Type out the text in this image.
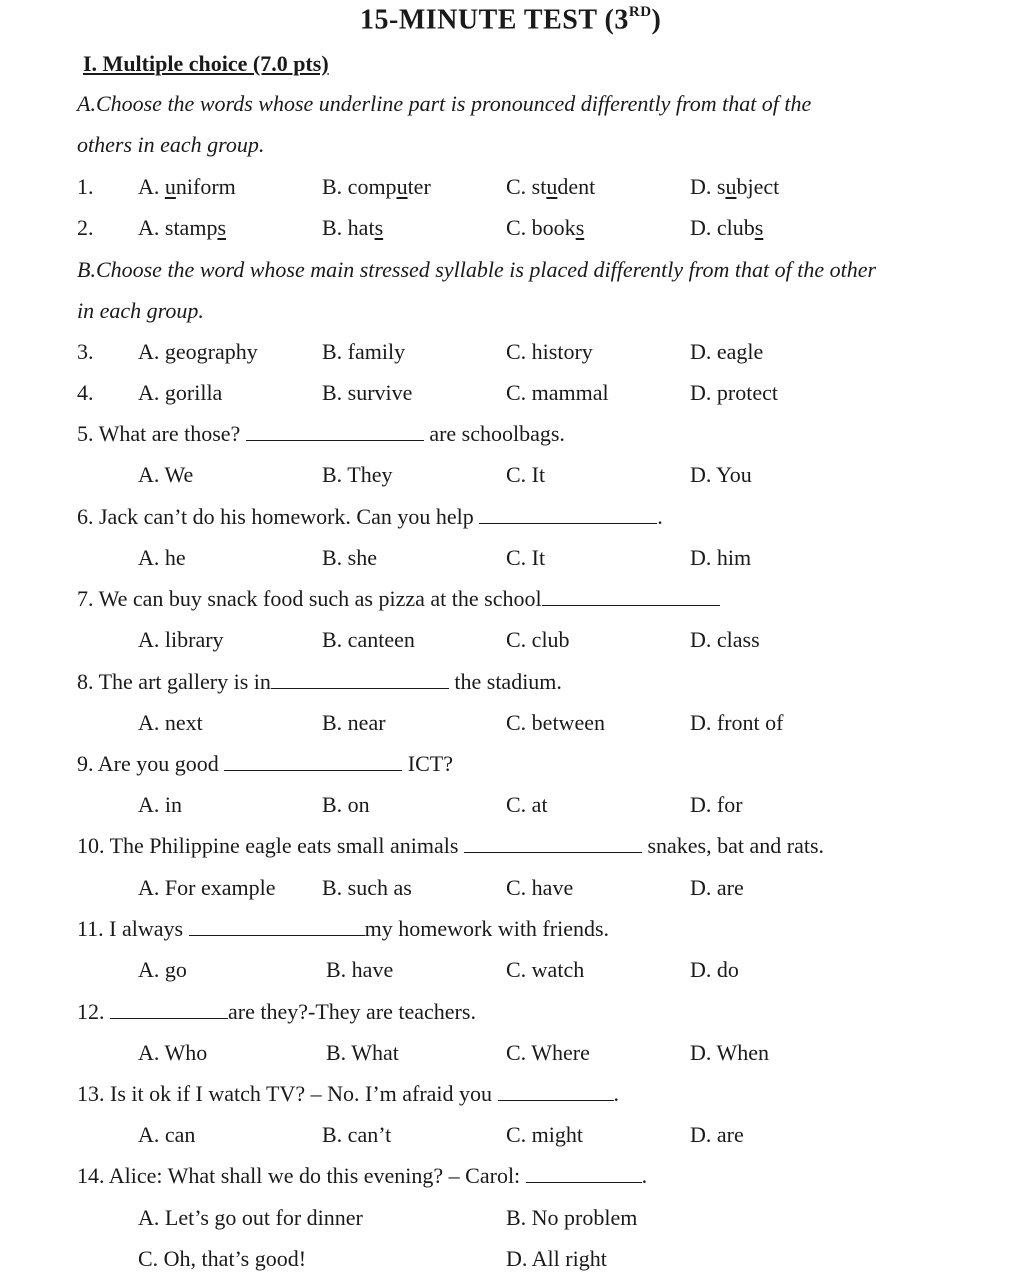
15-MINUTE TEST (3RD)
I. Multiple choice (7.0 pts)
A.Choose the words whose underline part is pronounced differently from that of the
others in each group.
1. A. uniform	B. computer	C. student	D. subject
2. A. stamps	B. hats	C. books	D. clubs
B.Choose the word whose main stressed syllable is placed differently from that of the other
in each group.
3. A. geography	B. family	C. history	D. eagle
4. A. gorilla	B. survive	C. mammal	D. protect
5. What are those?	are schoolbags.
A. We	B. They	C. It	D. You
6. Jack can’t do his homework. Can you help	.
A. he	B. she	C. It	D. him
7. We can buy snack food such as pizza at the school
A. library	B. canteen	C. club	D. class
8. The art gallery is in	the stadium.
A. next	B. near	C. between	D. front of
9. Are you good	ICT?
A. in	B. on	C. at	D. for
10. The Philippine eagle eats small animals	snakes, bat and rats.
A. For example B. such as	C. have	D. are
11. I always	my homework with friends.
A. go	B. have	C. watch	D. do
12.	are they?-They are teachers.
A. Who	B. What	C. Where	D. When
13. Is it ok if I watch TV? – No. I’m afraid you	.
A. can	B. can’t	C. might	D. are
14. Alice: What shall we do this evening? – Carol:	.
A. Let’s go out for dinner	B. No problem
C. Oh, that’s good!	D. All right
